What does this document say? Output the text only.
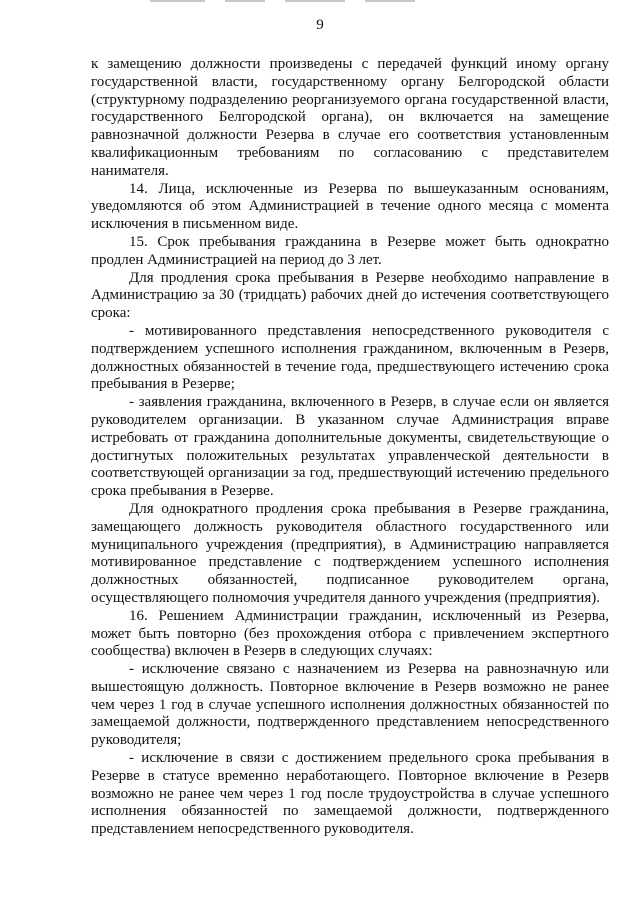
9

к замещению должности произведены с передачей функций иному органу государственной власти, государственному органу Белгородской области (структурному подразделению реорганизуемого органа государственной власти, государственного Белгородской органа), он включается на замещение равнозначной должности Резерва в случае его соответствия установленным квалификационным требованиям по согласованию с представителем нанимателя.

14. Лица, исключенные из Резерва по вышеуказанным основаниям, уведомляются об этом Администрацией в течение одного месяца с момента исключения в письменном виде.

15. Срок пребывания гражданина в Резерве может быть однократно продлен Администрацией на период до 3 лет.

Для продления срока пребывания в Резерве необходимо направление в Администрацию за 30 (тридцать) рабочих дней до истечения соответствующего срока:

- мотивированного представления непосредственного руководителя с подтверждением успешного исполнения гражданином, включенным в Резерв, должностных обязанностей в течение года, предшествующего истечению срока пребывания в Резерве;

- заявления гражданина, включенного в Резерв, в случае если он является руководителем организации. В указанном случае Администрация вправе истребовать от гражданина дополнительные документы, свидетельствующие о достигнутых положительных результатах управленческой деятельности в соответствующей организации за год, предшествующий истечению предельного срока пребывания в Резерве.

Для однократного продления срока пребывания в Резерве гражданина, замещающего должность руководителя областного государственного или муниципального учреждения (предприятия), в Администрацию направляется мотивированное представление с подтверждением успешного исполнения должностных обязанностей, подписанное руководителем органа, осуществляющего полномочия учредителя данного учреждения (предприятия).

16. Решением Администрации гражданин, исключенный из Резерва, может быть повторно (без прохождения отбора с привлечением экспертного сообщества) включен в Резерв в следующих случаях:

- исключение связано с назначением из Резерва на равнозначную или вышестоящую должность. Повторное включение в Резерв возможно не ранее чем через 1 год в случае успешного исполнения должностных обязанностей по замещаемой должности, подтвержденного представлением непосредственного руководителя;

- исключение в связи с достижением предельного срока пребывания в Резерве в статусе временно неработающего. Повторное включение в Резерв возможно не ранее чем через 1 год после трудоустройства в случае успешного исполнения обязанностей по замещаемой должности, подтвержденного представлением непосредственного руководителя.
